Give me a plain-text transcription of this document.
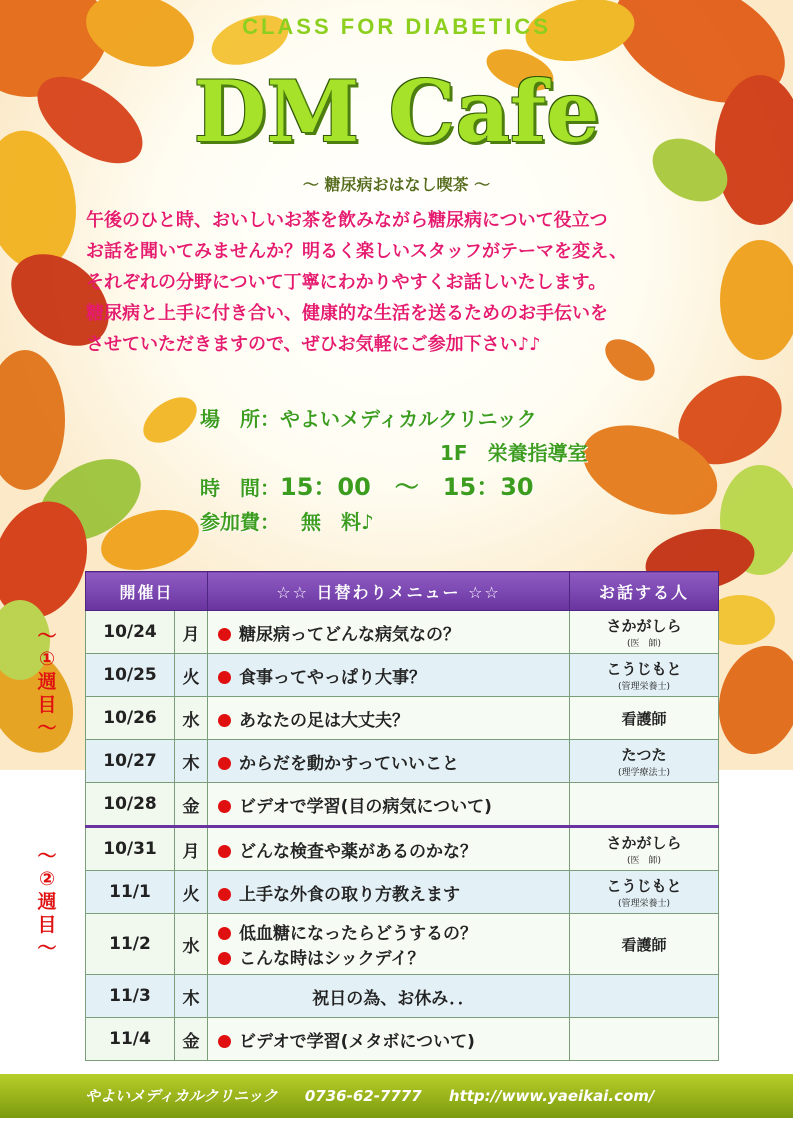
CLASS FOR DIABETICS
DM Cafe
〜 糖尿病おはなし喫茶 〜
午後のひと時、おいしいお茶を飲みながら糖尿病について役立つ
お話を聞いてみませんか？明るく楽しいスタッフがテーマを変え、
それぞれの分野について丁寧にわかりやすくお話しいたします。
糖尿病と上手に付き合い、健康的な生活を送るためのお手伝いを
させていただきますので、ぜひお気軽にご参加下さい♪♪
場　所：やよいメディカルクリニック
1F　栄養指導室
時　間：15：00　〜　15：30
参加費： 無　料♪
開催日		☆☆ 日替わりメニュー ☆☆	お話する人
10/24	月	糖尿病ってどんな病気なの？	さかがしら
(医　師)

10/25	火	食事ってやっぱり大事？	こうじもと
(管理栄養士)

10/26	水	あなたの足は大丈夫？	看護師

10/27	木	からだを動かすっていいこと	たつた
(理学療法士)

10/28	金	ビデオで学習(目の病気について)	
10/31	月	どんな検査や薬があるのかな？	さかがしら
(医　師)

11/1	火	上手な外食の取り方教えます	こうじもと
(管理栄養士)

11/2	水	低血糖になったらどうするの？
こんな時はシックデイ？	看護師

11/3	木	祝日の為、お休み．．	
11/4	金	ビデオで学習(メタボについて)	
〜
①
週
目
〜
〜
②
週
目
〜
やよいメディカルクリニック 0736-62-7777 http://www.yaeikai.com/
